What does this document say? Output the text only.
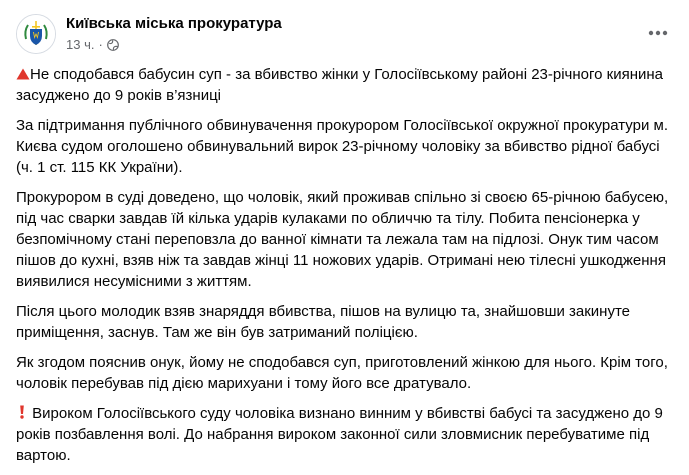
Київська міська прокуратура
13 ч. ·

Не сподобався бабусин суп - за вбивство жінки у Голосіївському районі 23-річного киянина засуджено до 9 років в’язниці

За підтримання публічного обвинувачення прокурором Голосіївської окружної прокуратури м. Києва судом оголошено обвинувальний вирок 23-річному чоловіку за вбивство рідної бабусі (ч. 1 ст. 115 КК України).

Прокурором в суді доведено, що чоловік, який проживав спільно зі своєю 65-річною бабусею, під час сварки завдав їй кілька ударів кулаками по обличчю та тілу. Побита пенсіонерка у безпомічному стані переповзла до ванної кімнати та лежала там на підлозі. Онук тим часом пішов до кухні, взяв ніж та завдав жінці 11 ножових ударів. Отримані нею тілесні ушкодження виявилися несумісними з життям.

Після цього молодик взяв знаряддя вбивства, пішов на вулицю та, знайшовши закинуте приміщення, заснув. Там же він був затриманий поліцією.

Як згодом пояснив онук, йому не сподобався суп, приготовлений жінкою для нього. Крім того, чоловік перебував під дією марихуани і тому його все дратувало.

Вироком Голосіївського суду чоловіка визнано винним у вбивстві бабусі та засуджено до 9 років позбавлення волі. До набрання вироком законної сили зловмисник перебуватиме під вартою.
